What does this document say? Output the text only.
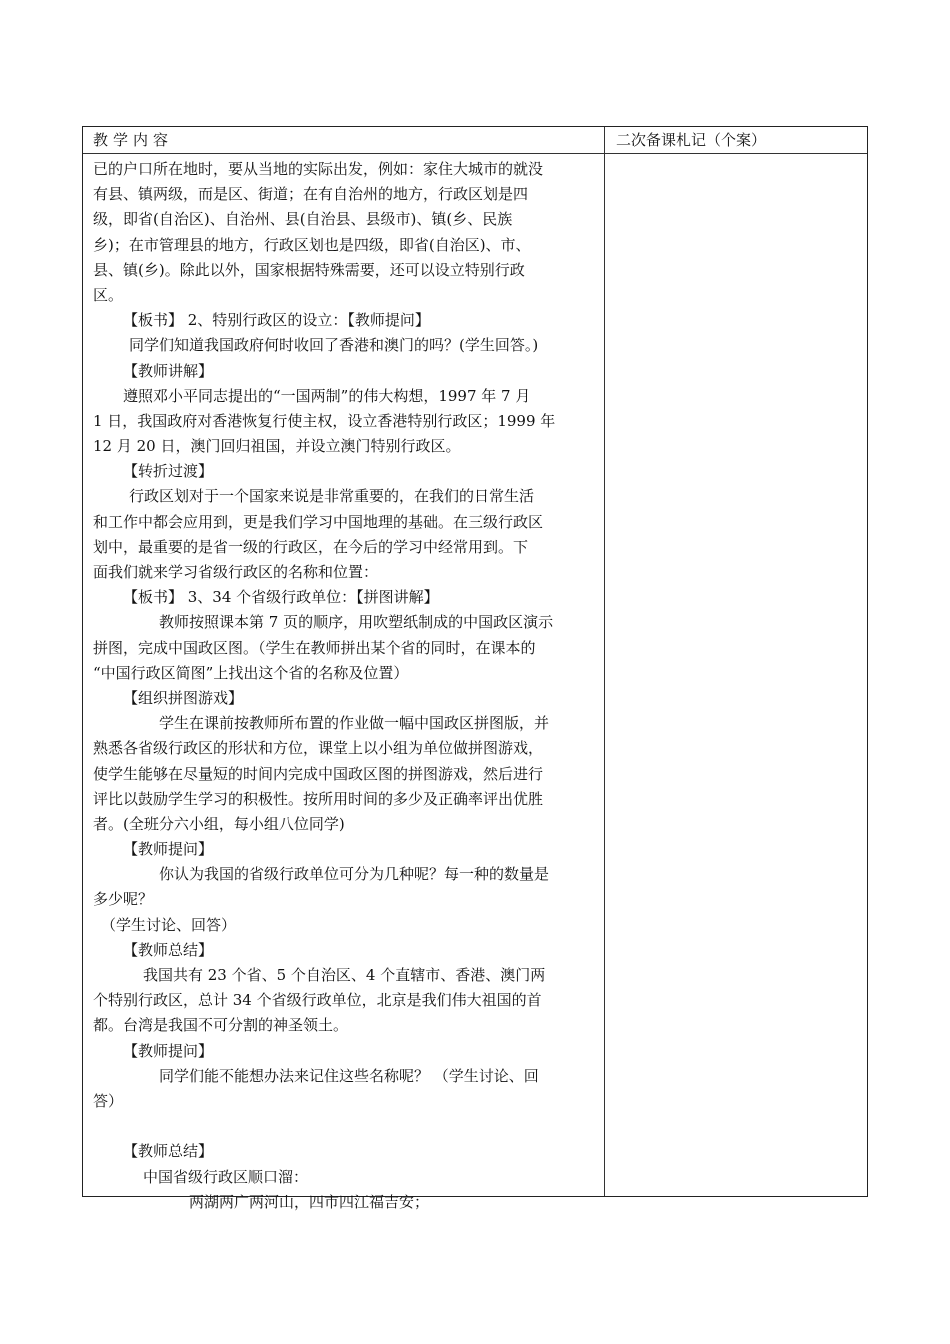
教学内容	二次备课札记（个案）
已的户口所在地时，要从当地的实际出发，例如：家住大城市的就没
有县、镇两级，而是区、街道；在有自治州的地方，行政区划是四
级，即省(自治区)、自治州、县(自治县、县级市)、镇(乡、民族
乡)；在市管理县的地方，行政区划也是四级，即省(自治区)、市、
县、镇(乡)。除此以外，国家根据特殊需要，还可以设立特别行政
区。
【板书】 2、特别行政区的设立：【教师提问】
同学们知道我国政府何时收回了香港和澳门的吗？(学生回答。)
【教师讲解】
遵照邓小平同志提出的“一国两制”的伟大构想，1997 年 7 月
1 日，我国政府对香港恢复行使主权，设立香港特别行政区；1999 年
12 月 20 日，澳门回归祖国，并设立澳门特别行政区。
【转折过渡】
行政区划对于一个国家来说是非常重要的，在我们的日常生活
和工作中都会应用到，更是我们学习中国地理的基础。在三级行政区
划中，最重要的是省一级的行政区，在今后的学习中经常用到。下
面我们就来学习省级行政区的名称和位置：
【板书】 3、34 个省级行政单位：【拼图讲解】
教师按照课本第 7 页的顺序，用吹塑纸制成的中国政区演示
拼图，完成中国政区图。（学生在教师拼出某个省的同时，在课本的
“中国行政区简图”上找出这个省的名称及位置）
【组织拼图游戏】
学生在课前按教师所布置的作业做一幅中国政区拼图版，并
熟悉各省级行政区的形状和方位，课堂上以小组为单位做拼图游戏，
使学生能够在尽量短的时间内完成中国政区图的拼图游戏，然后进行
评比以鼓励学生学习的积极性。按所用时间的多少及正确率评出优胜
者。(全班分六小组，每小组八位同学)
【教师提问】
你认为我国的省级行政单位可分为几种呢？每一种的数量是
多少呢？
（学生讨论、回答）
【教师总结】
我国共有 23 个省、5 个自治区、4 个直辖市、香港、澳门两
个特别行政区，总计 34 个省级行政单位，北京是我们伟大祖国的首
都。台湾是我国不可分割的神圣领土。
【教师提问】
同学们能不能想办法来记住这些名称呢？ （学生讨论、回
答）
【教师总结】
中国省级行政区顺口溜：
两湖两广两河山，四市四江福吉安；
